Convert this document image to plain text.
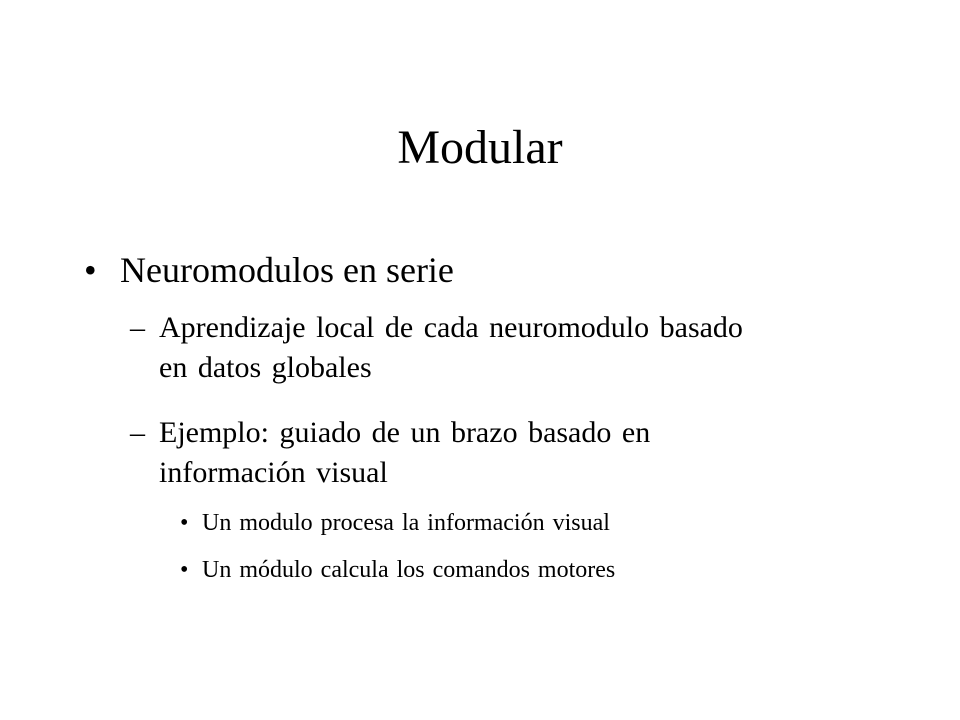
Modular
• Neuromodulos en serie
– Aprendizaje local de cada neuromodulo basado
en datos globales
– Ejemplo: guiado de un brazo basado en
información visual
• Un modulo procesa la información visual
• Un módulo calcula los comandos motores
